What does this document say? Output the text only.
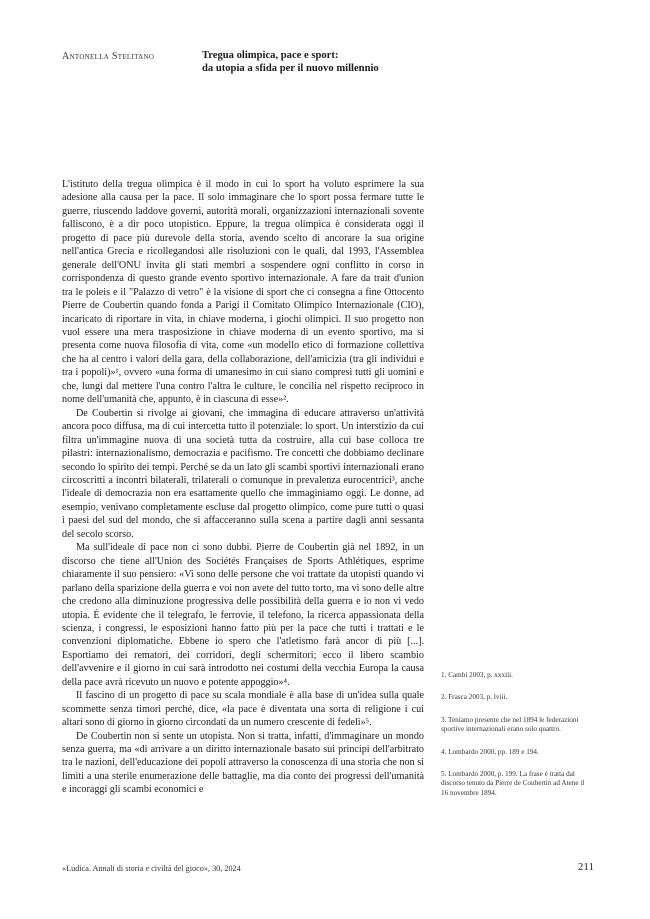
Antonella Stelitano	Tregua olimpica, pace e sport:
da utopia a sfida per il nuovo millennio

L'istituto della tregua olimpica è il modo in cui lo sport ha voluto esprimere la sua adesione alla causa per la pace. Il solo immaginare che lo sport possa fermare tutte le guerre, riuscendo laddove governi, autorità morali, organizzazioni internazionali sovente falliscono, è a dir poco utopistico. Eppure, la tregua olimpica è considerata oggi il progetto di pace più durevole della storia, avendo scelto di ancorare la sua origine nell'antica Grecia e ricollegandosi alle risoluzioni con le quali, dal 1993, l'Assemblea generale dell'ONU invita gli stati membri a sospendere ogni conflitto in corso in corrispondenza di questo grande evento sportivo internazionale. A fare da trait d'union tra le poleis e il "Palazzo di vetro" è la visione di sport che ci consegna a fine Ottocento Pierre de Coubertin quando fonda a Parigi il Comitato Olimpico Internazionale (CIO), incaricato di riportare in vita, in chiave moderna, i giochi olimpici. Il suo progetto non vuol essere una mera trasposizione in chiave moderna di un evento sportivo, ma si presenta come nuova filosofia di vita, come «un modello etico di formazione collettiva che ha al centro i valori della gara, della collaborazione, dell'amicizia (tra gli individui e tra i popoli)»¹, ovvero «una forma di umanesimo in cui siano compresi tutti gli uomini e che, lungi dal mettere l'una contro l'altra le culture, le concilia nel rispetto reciproco in nome dell'umanità che, appunto, è in ciascuna di esse»².

De Coubertin si rivolge ai giovani, che immagina di educare attraverso un'attività ancora poco diffusa, ma di cui intercetta tutto il potenziale: lo sport. Un interstizio da cui filtra un'immagine nuova di una società tutta da costruire, alla cui base colloca tre pilastri: internazionalismo, democrazia e pacifismo. Tre concetti che dobbiamo declinare secondo lo spirito dei tempi. Perché se da un lato gli scambi sportivi internazionali erano circoscritti a incontri bilaterali, trilaterali o comunque in prevalenza eurocentrici³, anche l'ideale di democrazia non era esattamente quello che immaginiamo oggi. Le donne, ad esempio, venivano completamente escluse dal progetto olimpico, come pure tutti o quasi i paesi del sud del mondo, che si affacceranno sulla scena a partire dagli anni sessanta del secolo scorso.

Ma sull'ideale di pace non ci sono dubbi. Pierre de Coubertin già nel 1892, in un discorso che tiene all'Union des Sociétés Françaises de Sports Athlétiques, esprime chiaramente il suo pensiero: «Vi sono delle persone che voi trattate da utopisti quando vi parlano della sparizione della guerra e voi non avete del tutto torto, ma vi sono delle altre che credono alla diminuzione progressiva delle possibilità della guerra e io non vi vedo utopia. È evidente che il telegrafo, le ferrovie, il telefono, la ricerca appassionata della scienza, i congressi, le esposizioni hanno fatto più per la pace che tutti i trattati e le convenzioni diplomatiche. Ebbene io spero che l'atletismo farà ancor di più [...]. Esportiamo dei rematori, dei corridori, degli schermitori; ecco il libero scambio dell'avvenire e il giorno in cui sarà introdotto nei costumi della vecchia Europa la causa della pace avrà ricevuto un nuovo e potente appoggio»⁴.

Il fascino di un progetto di pace su scala mondiale è alla base di un'idea sulla quale scommette senza timori perché, dice, «la pace è diventata una sorta di religione i cui altari sono di giorno in giorno circondati da un numero crescente di fedeli»⁵.

De Coubertin non si sente un utopista. Non si tratta, infatti, d'immaginare un mondo senza guerra, ma «di arrivare a un diritto internazionale basato sui principi dell'arbitrato tra le nazioni, dell'educazione dei popoli attraverso la conoscenza di una storia che non si limiti a una sterile enumerazione delle battaglie, ma dia conto dei progressi dell'umanità e incoraggi gli scambi economici e

1. Cambi 2003, p. xxxiii.
2. Frasca 2003, p. lviii.
3. Teniamo presente che nel 1894 le federazioni sportive internazionali erano solo quattro.
4. Lombardo 2000, pp. 189 e 194.
5. Lombardo 2000, p. 199. La frase è tratta dal discorso tenuto da Pierre de Coubertin ad Atene il 16 novembre 1894.
«Ludica. Annali di storia e civiltà del gioco», 30, 2024	211
